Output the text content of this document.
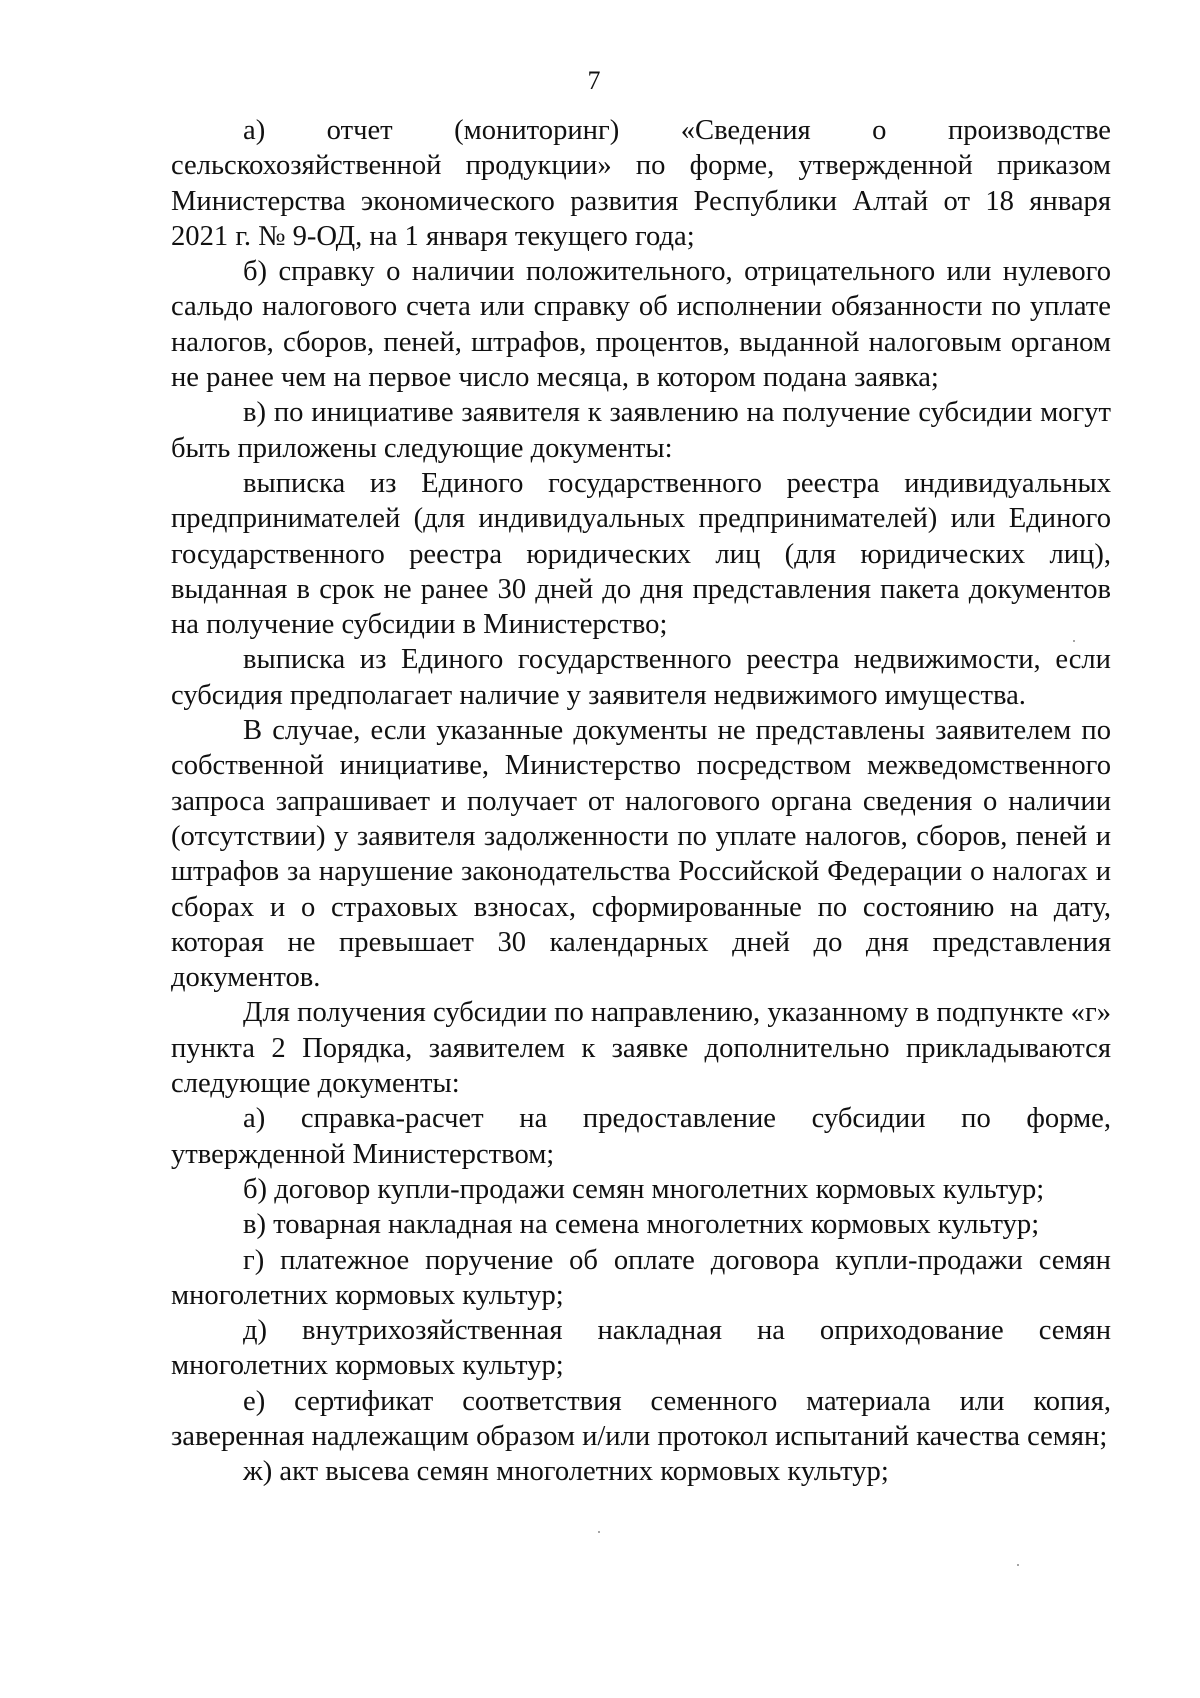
7

а) отчет (мониторинг) «Сведения о производстве сельскохозяйственной продукции» по форме, утвержденной приказом Министерства экономического развития Республики Алтай от 18 января 2021 г. № 9-ОД, на 1 января текущего года;

б) справку о наличии положительного, отрицательного или нулевого сальдо налогового счета или справку об исполнении обязанности по уплате налогов, сборов, пеней, штрафов, процентов, выданной налоговым органом не ранее чем на первое число месяца, в котором подана заявка;

в) по инициативе заявителя к заявлению на получение субсидии могут быть приложены следующие документы:

выписка из Единого государственного реестра индивидуальных предпринимателей (для индивидуальных предпринимателей) или Единого государственного реестра юридических лиц (для юридических лиц), выданная в срок не ранее 30 дней до дня представления пакета документов на получение субсидии в Министерство;

выписка из Единого государственного реестра недвижимости, если субсидия предполагает наличие у заявителя недвижимого имущества.

В случае, если указанные документы не представлены заявителем по собственной инициативе, Министерство посредством межведомственного запроса запрашивает и получает от налогового органа сведения о наличии (отсутствии) у заявителя задолженности по уплате налогов, сборов, пеней и штрафов за нарушение законодательства Российской Федерации о налогах и сборах и о страховых взносах, сформированные по состоянию на дату, которая не превышает 30 календарных дней до дня представления документов.

Для получения субсидии по направлению, указанному в подпункте «г» пункта 2 Порядка, заявителем к заявке дополнительно прикладываются следующие документы:

а) справка-расчет на предоставление субсидии по форме, утвержденной Министерством;

б) договор купли-продажи семян многолетних кормовых культур;

в) товарная накладная на семена многолетних кормовых культур;

г) платежное поручение об оплате договора купли-продажи семян многолетних кормовых культур;

д) внутрихозяйственная накладная на оприходование семян многолетних кормовых культур;

е) сертификат соответствия семенного материала или копия, заверенная надлежащим образом и/или протокол испытаний качества семян;

ж) акт высева семян многолетних кормовых культур;
